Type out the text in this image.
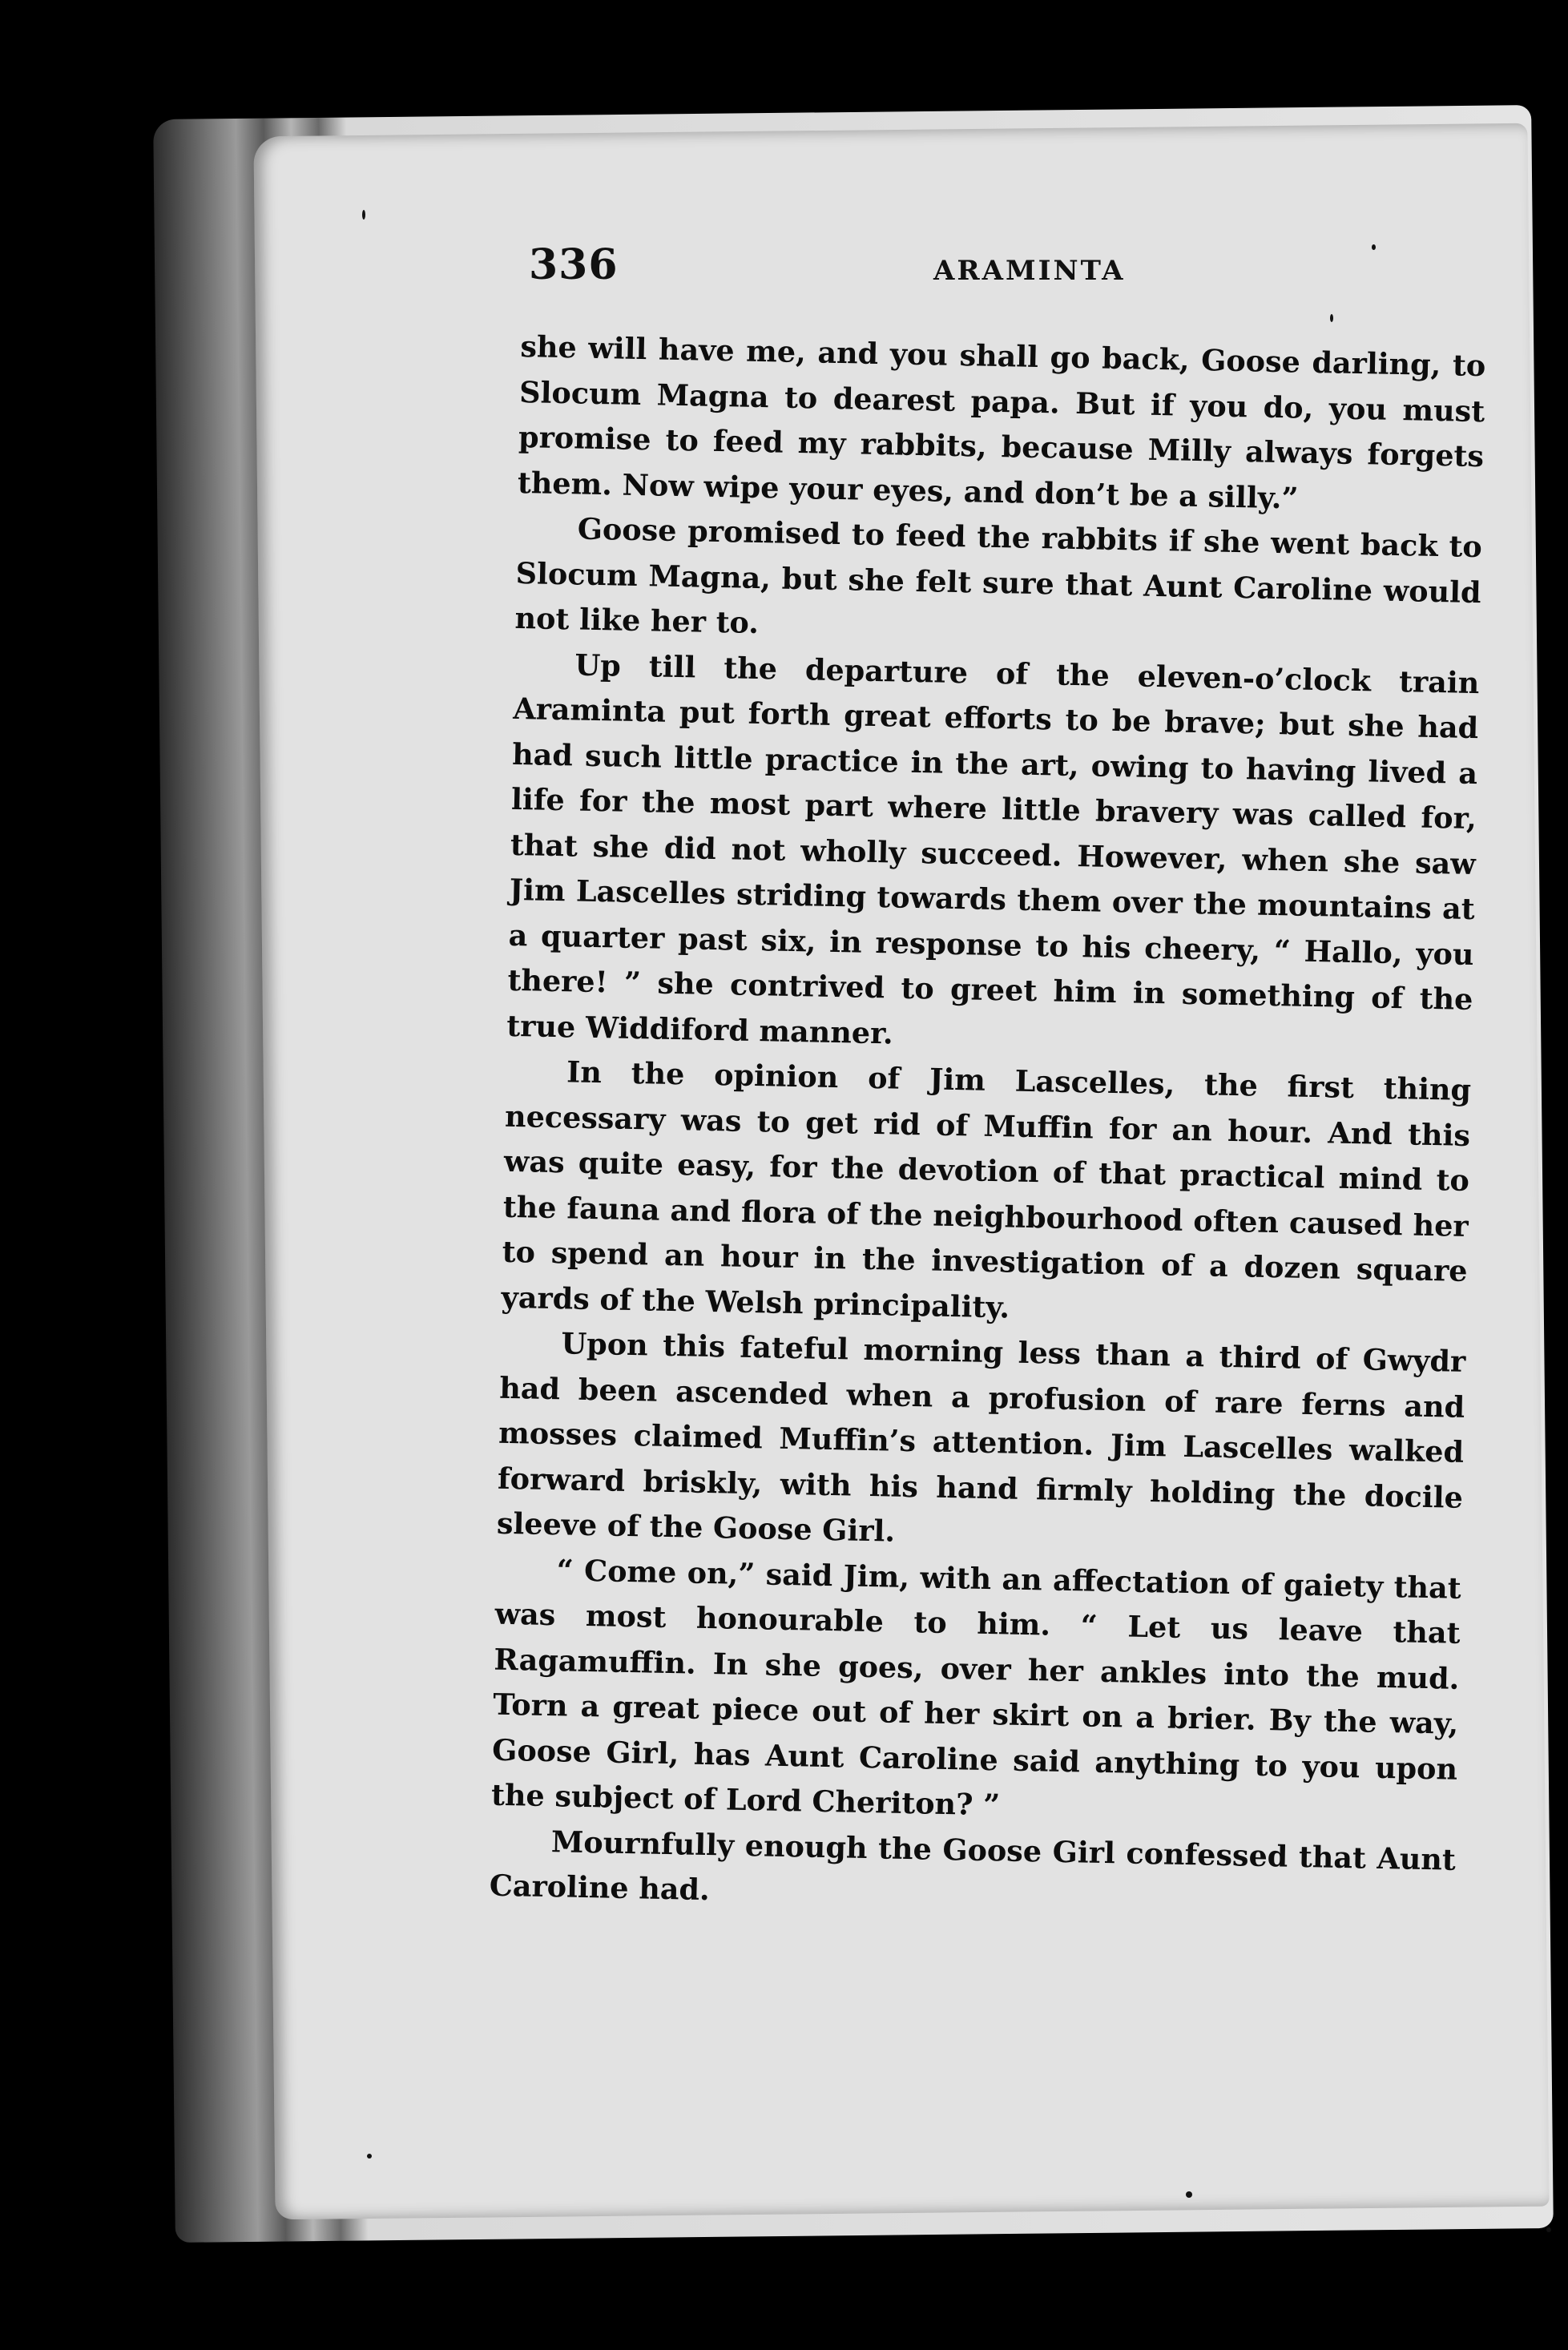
336	ARAMINTA

she will have me, and you shall go back, Goose darling, to Slocum Magna to dearest papa. But if you do, you must promise to feed my rabbits, because Milly always forgets them. Now wipe your eyes, and don’t be a silly.”

Goose promised to feed the rabbits if she went back to Slocum Magna, but she felt sure that Aunt Caroline would not like her to.

Up till the departure of the eleven-o’clock train Araminta put forth great efforts to be brave; but she had had such little practice in the art, owing to having lived a life for the most part where little bravery was called for, that she did not wholly succeed. However, when she saw Jim Lascelles striding towards them over the mountains at a quarter past six, in response to his cheery, “ Hallo, you there! ” she contrived to greet him in something of the true Widdiford manner.

In the opinion of Jim Lascelles, the first thing necessary was to get rid of Muffin for an hour. And this was quite easy, for the devotion of that practical mind to the fauna and flora of the neighbourhood often caused her to spend an hour in the investigation of a dozen square yards of the Welsh principality.

Upon this fateful morning less than a third of Gwydr had been ascended when a profusion of rare ferns and mosses claimed Muffin’s attention. Jim Lascelles walked forward briskly, with his hand firmly holding the docile sleeve of the Goose Girl.

“ Come on,” said Jim, with an affectation of gaiety that was most honourable to him. “ Let us leave that Ragamuffin. In she goes, over her ankles into the mud. Torn a great piece out of her skirt on a brier. By the way, Goose Girl, has Aunt Caroline said anything to you upon the subject of Lord Cheriton? ”

Mournfully enough the Goose Girl confessed that Aunt Caroline had.
